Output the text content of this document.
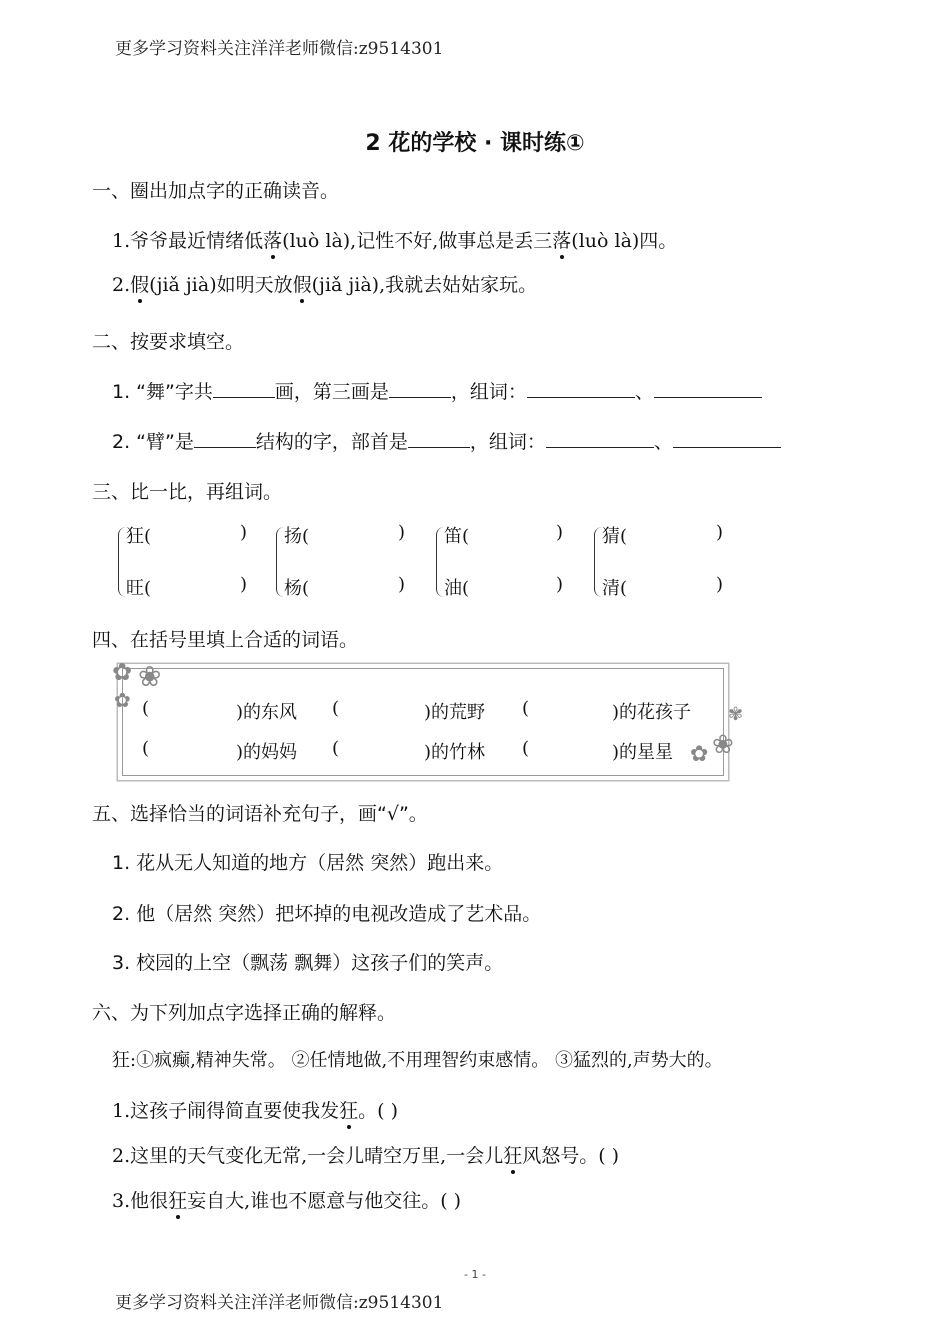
更多学习资料关注洋洋老师微信:z9514301
2 花的学校 · 课时练①
一、圈出加点字的正确读音。
1.爷爷最近情绪低落(luò là),记性不好,做事总是丢三落(luò là)四。
2.假(jiǎ jià)如明天放假(jiǎ jià),我就去姑姑家玩。
二、按要求填空。
1. “舞”字共	画，第三画是	，组词：	、
2. “臂”是	结构的字，部首是	，组词：	、
三、比一比，再组词。
狂(	)
旺(	)
扬(	)
杨(	)
笛(	)
油(	)
猜(	)
清(	)
四、在括号里填上合适的词语。
✿ ❀
✿
❀
✿
✾
(	)的东风 (	)的荒野 (	)的花孩子
(	)的妈妈 (	)的竹林 (	)的星星
五、选择恰当的词语补充句子，画“√”。
1. 花从无人知道的地方（居然 突然）跑出来。
2. 他（居然 突然）把坏掉的电视改造成了艺术品。
3. 校园的上空（飘荡 飘舞）这孩子们的笑声。
六、为下列加点字选择正确的解释。
狂:①疯癫,精神失常。 ②任情地做,不用理智约束感情。 ③猛烈的,声势大的。
1.这孩子闹得简直要使我发狂。( )
2.这里的天气变化无常,一会儿晴空万里,一会儿狂风怒号。( )
3.他很狂妄自大,谁也不愿意与他交往。( )
- 1 -
更多学习资料关注洋洋老师微信:z9514301
